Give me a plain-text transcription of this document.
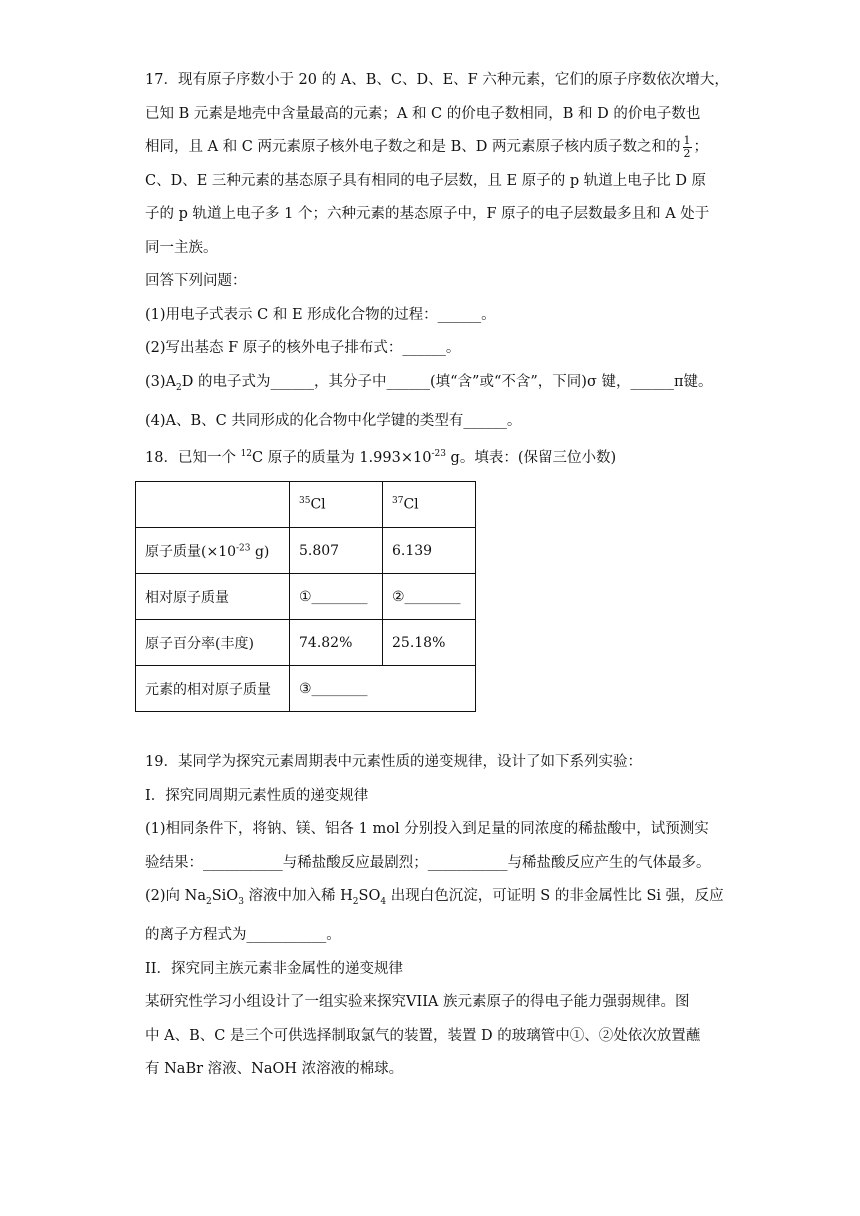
17．现有原子序数小于 20 的 A、B、C、D、E、F 六种元素，它们的原子序数依次增大，
已知 B 元素是地壳中含量最高的元素；A 和 C 的价电子数相同，B 和 D 的价电子数也
相同，且 A 和 C 两元素原子核外电子数之和是 B、D 两元素原子核内质子数之和的 $\frac{1}{2}$ ；
C、D、E 三种元素的基态原子具有相同的电子层数，且 E 原子的 p 轨道上电子比 D 原
子的 p 轨道上电子多 1 个；六种元素的基态原子中，F 原子的电子层数最多且和 A 处于
同一主族。
回答下列问题：
(1)用电子式表示 C 和 E 形成化合物的过程：______。
(2)写出基态 F 原子的核外电子排布式：______。
$(3)A_2D$ 的电子式为______，其分子中______(填“含”或“不含”，下同)σ 键，______π键。
(4)A、B、C 共同形成的化合物中化学键的类型有______。
18．已知一个 $^{12}$C 原子的质量为 $1.993\times 10^{-23}$ g。填表：(保留三位小数)
	$^{35}$Cl	$^{37}$Cl
原子质量($\times 10^{-23}$ g)	5.807	6.139
相对原子质量	①________	②________
原子百分率(丰度)	74.82%	25.18%
元素的相对原子质量	③________	
19．某同学为探究元素周期表中元素性质的递变规律，设计了如下系列实验：
I．探究同周期元素性质的递变规律
(1)相同条件下，将钠、镁、铝各 1 mol 分别投入到足量的同浓度的稀盐酸中，试预测实
验结果：___________与稀盐酸反应最剧烈；___________与稀盐酸反应产生的气体最多。
(2)向 $Na_2SiO_3$ 溶液中加入稀 $H_2SO_4$ 出现白色沉淀，可证明 S 的非金属性比 Si 强，反应
的离子方程式为___________。
II．探究同主族元素非金属性的递变规律
某研究性学习小组设计了一组实验来探究VIIA 族元素原子的得电子能力强弱规律。图
中 A、B、C 是三个可供选择制取氯气的装置，装置 D 的玻璃管中①、②处依次放置蘸
有 NaBr 溶液、NaOH 浓溶液的棉球。
